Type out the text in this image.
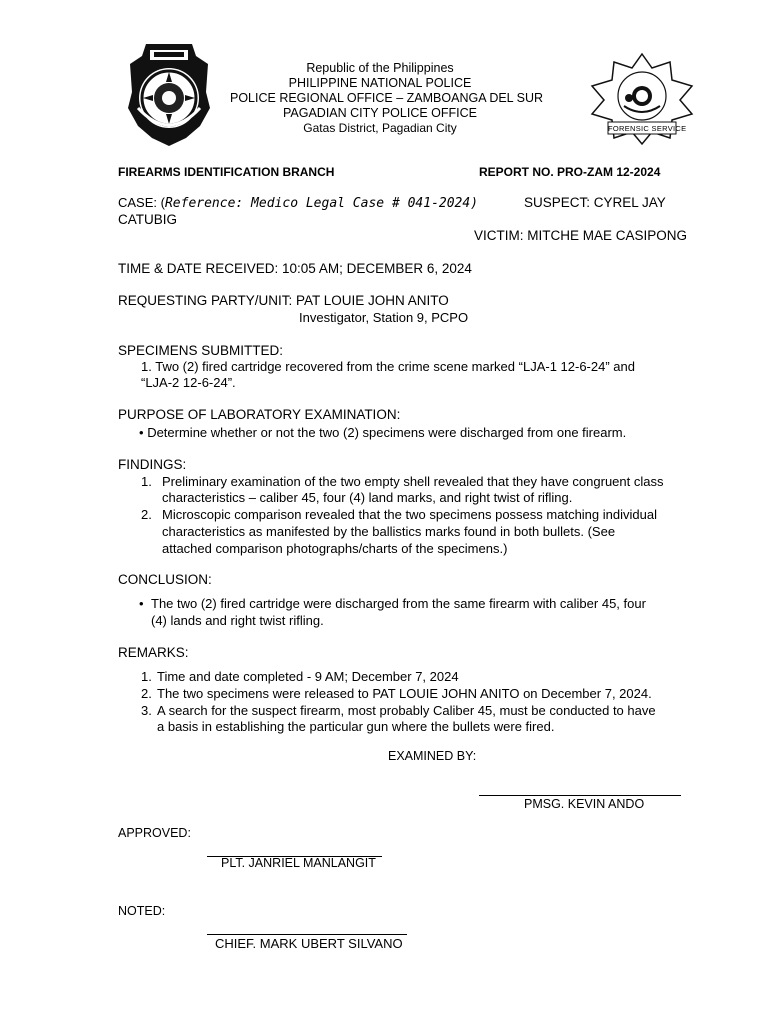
FORENSIC SERVICE
Republic of the Philippines
PHILIPPINE NATIONAL POLICE
POLICE REGIONAL OFFICE – ZAMBOANGA DEL SUR
PAGADIAN CITY POLICE OFFICE
Gatas District, Pagadian City
FIREARMS IDENTIFICATION BRANCH	REPORT NO. PRO-ZAM 12-2024
CASE: (Reference: Medico Legal Case # 041-2024)	SUSPECT: CYREL JAY
CATUBIG
VICTIM: MITCHE MAE CASIPONG
TIME & DATE RECEIVED: 10:05 AM; DECEMBER 6, 2024
REQUESTING PARTY/UNIT: PAT LOUIE JOHN ANITO
Investigator, Station 9, PCPO
SPECIMENS SUBMITTED:
1. Two (2) fired cartridge recovered from the crime scene marked “LJA-1 12-6-24” and
“LJA-2 12-6-24”.
PURPOSE OF LABORATORY EXAMINATION:
• Determine whether or not the two (2) specimens were discharged from one firearm.
FINDINGS:
1. Preliminary examination of the two empty shell revealed that they have congruent class
characteristics – caliber 45, four (4) land marks, and right twist of rifling.
2. Microscopic comparison revealed that the two specimens possess matching individual
characteristics as manifested by the ballistics marks found in both bullets. (See
attached comparison photographs/charts of the specimens.)
CONCLUSION:
• The two (2) fired cartridge were discharged from the same firearm with caliber 45, four
(4) lands and right twist rifling.
REMARKS:
1. Time and date completed - 9 AM; December 7, 2024
2. The two specimens were released to PAT LOUIE JOHN ANITO on December 7, 2024.
3. A search for the suspect firearm, most probably Caliber 45, must be conducted to have
a basis in establishing the particular gun where the bullets were fired.
EXAMINED BY:
PMSG. KEVIN ANDO
APPROVED:
PLT. JANRIEL MANLANGIT
NOTED:
CHIEF. MARK UBERT SILVANO
